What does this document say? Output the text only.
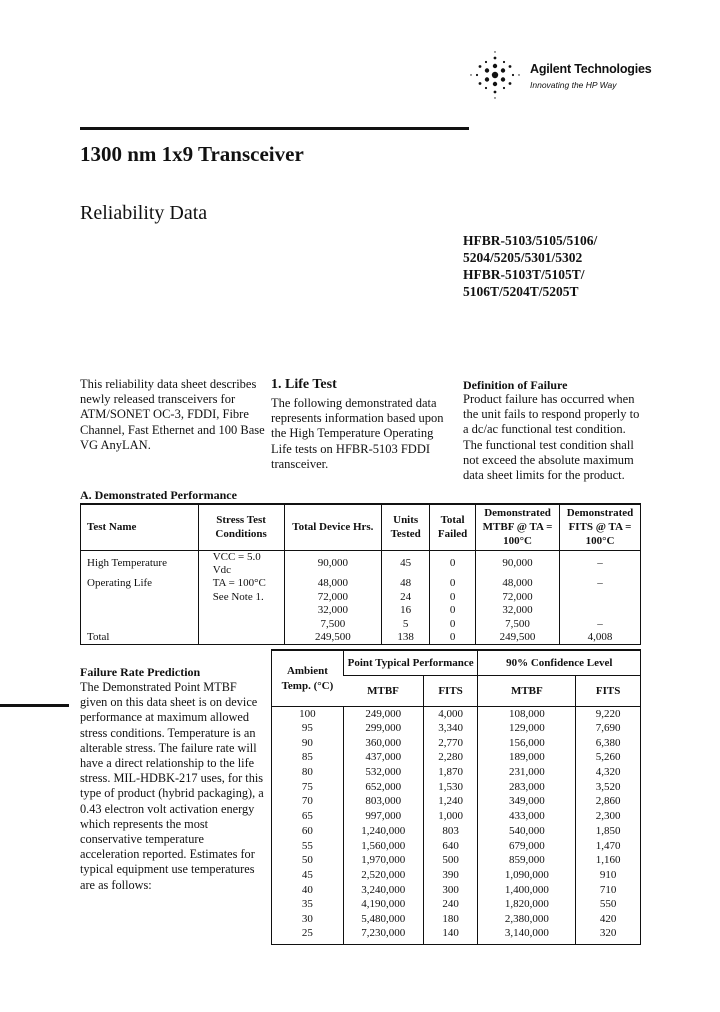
Agilent Technologies
Innovating the HP Way
1300 nm 1x9 Transceiver
Reliability Data
HFBR-5103/5105/5106/
5204/5205/5301/5302
HFBR-5103T/5105T/
5106T/5204T/5205T
This reliability data sheet describes newly released transceivers for ATM/SONET OC-3, FDDI, Fibre Channel, Fast Ethernet and 100 Base VG AnyLAN.
1. Life Test
The following demonstrated data represents information based upon the High Temperature Operating Life tests on HFBR-5103 FDDI transceiver.
Definition of Failure
Product failure has occurred when the unit fails to respond properly to a dc/ac functional test condition. The functional test condition shall not exceed the absolute maximum data sheet limits for the product.
A. Demonstrated Performance
Test Name	Stress Test Conditions	Total Device Hrs.	Units Tested	Total Failed	Demonstrated MTBF @ TA = 100°C	Demonstrated FITS @ TA = 100°C
High Temperature	VCC = 5.0 Vdc	90,000	45	0	90,000	–
Operating Life	TA = 100°C	48,000	48	0	48,000	–
	See Note 1.	72,000	24	0	72,000	
		32,000	16	0	32,000	
		7,500	5	0	7,500	–
Total		249,500	138	0	249,500	4,008
Failure Rate Prediction
The Demonstrated Point MTBF given on this data sheet is on device performance at maximum allowed stress conditions. Temperature is an alterable stress. The failure rate will have a direct relationship to the life stress. MIL-HDBK-217 uses, for this type of product (hybrid packaging), a 0.43 electron volt activation energy which represents the most conservative temperature acceleration reported. Estimates for typical equipment use temperatures are as follows:
Ambient Temp. (°C)	Point Typical Performance		90% Confidence Level	
	MTBF	FITS	MTBF	FITS
100	249,000	4,000	108,000	9,220
95	299,000	3,340	129,000	7,690
90	360,000	2,770	156,000	6,380
85	437,000	2,280	189,000	5,260
80	532,000	1,870	231,000	4,320
75	652,000	1,530	283,000	3,520
70	803,000	1,240	349,000	2,860
65	997,000	1,000	433,000	2,300
60	1,240,000	803	540,000	1,850
55	1,560,000	640	679,000	1,470
50	1,970,000	500	859,000	1,160
45	2,520,000	390	1,090,000	910
40	3,240,000	300	1,400,000	710
35	4,190,000	240	1,820,000	550
30	5,480,000	180	2,380,000	420
25	7,230,000	140	3,140,000	320
